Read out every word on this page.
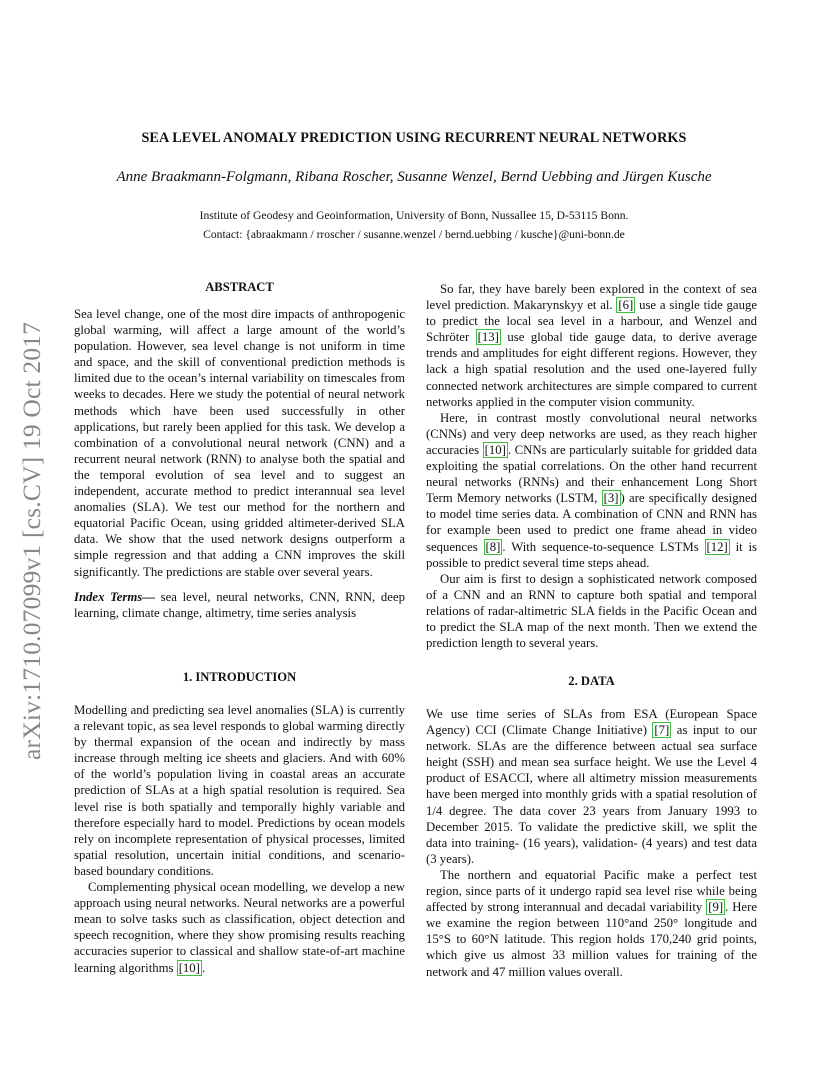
arXiv:1710.07099v1 [cs.CV] 19 Oct 2017
SEA LEVEL ANOMALY PREDICTION USING RECURRENT NEURAL NETWORKS
Anne Braakmann-Folgmann, Ribana Roscher, Susanne Wenzel, Bernd Uebbing and Jürgen Kusche
Institute of Geodesy and Geoinformation, University of Bonn, Nussallee 15, D-53115 Bonn.
Contact: {abraakmann / rroscher / susanne.wenzel / bernd.uebbing / kusche}@uni-bonn.de
ABSTRACT

Sea level change, one of the most dire impacts of anthropogenic global warming, will affect a large amount of the world’s population. However, sea level change is not uniform in time and space, and the skill of conventional prediction methods is limited due to the ocean’s internal variability on timescales from weeks to decades. Here we study the potential of neural network methods which have been used successfully in other applications, but rarely been applied for this task. We develop a combination of a convolutional neural network (CNN) and a recurrent neural network (RNN) to analyse both the spatial and the temporal evolution of sea level and to suggest an independent, accurate method to predict interannual sea level anomalies (SLA). We test our method for the northern and equatorial Pacific Ocean, using gridded altimeter-derived SLA data. We show that the used network designs outperform a simple regression and that adding a CNN improves the skill significantly. The predictions are stable over several years.

Index Terms— sea level, neural networks, CNN, RNN, deep learning, climate change, altimetry, time series analysis

1. INTRODUCTION

Modelling and predicting sea level anomalies (SLA) is currently a relevant topic, as sea level responds to global warming directly by thermal expansion of the ocean and indirectly by mass increase through melting ice sheets and glaciers. And with 60% of the world’s population living in coastal areas an accurate prediction of SLAs at a high spatial resolution is required. Sea level rise is both spatially and temporally highly variable and therefore especially hard to model. Predictions by ocean models rely on incomplete representation of physical processes, limited spatial resolution, uncertain initial conditions, and scenario-based boundary conditions.

Complementing physical ocean modelling, we develop a new approach using neural networks. Neural networks are a powerful mean to solve tasks such as classification, object detection and speech recognition, where they show promising results reaching accuracies superior to classical and shallow state-of-art machine learning algorithms [10] .

So far, they have barely been explored in the context of sea level prediction. Makarynskyy et al. [6] use a single tide gauge to predict the local sea level in a harbour, and Wenzel and Schröter [13] use global tide gauge data, to derive average trends and amplitudes for eight different regions. However, they lack a high spatial resolution and the used one-layered fully connected network architectures are simple compared to current networks applied in the computer vision community.

Here, in contrast mostly convolutional neural networks (CNNs) and very deep networks are used, as they reach higher accuracies [10] . CNNs are particularly suitable for gridded data exploiting the spatial correlations. On the other hand recurrent neural networks (RNNs) and their enhancement Long Short Term Memory networks (LSTM, [3] ) are specifically designed to model time series data. A combination of CNN and RNN has for example been used to predict one frame ahead in video sequences [8] . With sequence-to-sequence LSTMs [12] it is possible to predict several time steps ahead.

Our aim is first to design a sophisticated network composed of a CNN and an RNN to capture both spatial and temporal relations of radar-altimetric SLA fields in the Pacific Ocean and to predict the SLA map of the next month. Then we extend the prediction length to several years.

2. DATA

We use time series of SLAs from ESA (European Space Agency) CCI (Climate Change Initiative) [7] as input to our network. SLAs are the difference between actual sea surface height (SSH) and mean sea surface height. We use the Level 4 product of ESACCI, where all altimetry mission measurements have been merged into monthly grids with a spatial resolution of 1/4 degree. The data cover 23 years from January 1993 to December 2015. To validate the predictive skill, we split the data into training- (16 years), validation- (4 years) and test data (3 years).

The northern and equatorial Pacific make a perfect test region, since parts of it undergo rapid sea level rise while being affected by strong interannual and decadal variability [9] . Here we examine the region between 110°and 250° longitude and 15°S to 60°N latitude. This region holds 170,240 grid points, which give us almost 33 million values for training of the network and 47 million values overall.
